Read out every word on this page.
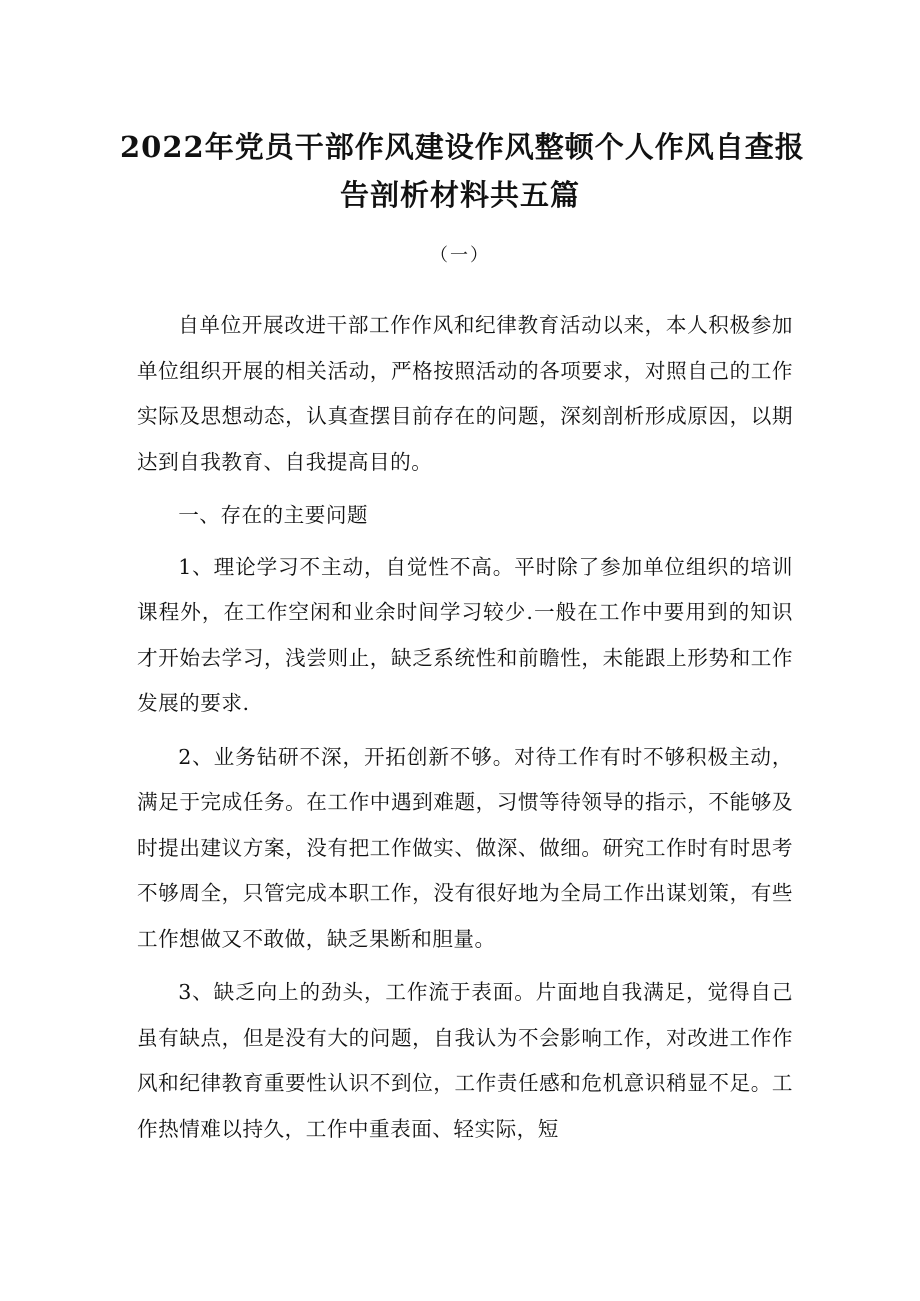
2022年党员干部作风建设作风整顿个人作风自查报
告剖析材料共五篇
（一）

自单位开展改进干部工作作风和纪律教育活动以来，本人积极参加单位组织开展的相关活动，严格按照活动的各项要求，对照自己的工作实际及思想动态，认真查摆目前存在的问题，深刻剖析形成原因，以期达到自我教育、自我提高目的。

一、存在的主要问题

1、理论学习不主动，自觉性不高。平时除了参加单位组织的培训课程外，在工作空闲和业余时间学习较少.一般在工作中要用到的知识才开始去学习，浅尝则止，缺乏系统性和前瞻性，未能跟上形势和工作发展的要求.

2、业务钻研不深，开拓创新不够。对待工作有时不够积极主动，满足于完成任务。在工作中遇到难题，习惯等待领导的指示，不能够及时提出建议方案，没有把工作做实、做深、做细。研究工作时有时思考不够周全，只管完成本职工作，没有很好地为全局工作出谋划策，有些工作想做又不敢做，缺乏果断和胆量。

3、缺乏向上的劲头，工作流于表面。片面地自我满足，觉得自己虽有缺点，但是没有大的问题，自我认为不会影响工作，对改进工作作风和纪律教育重要性认识不到位，工作责任感和危机意识稍显不足。工作热情难以持久，工作中重表面、轻实际，短
